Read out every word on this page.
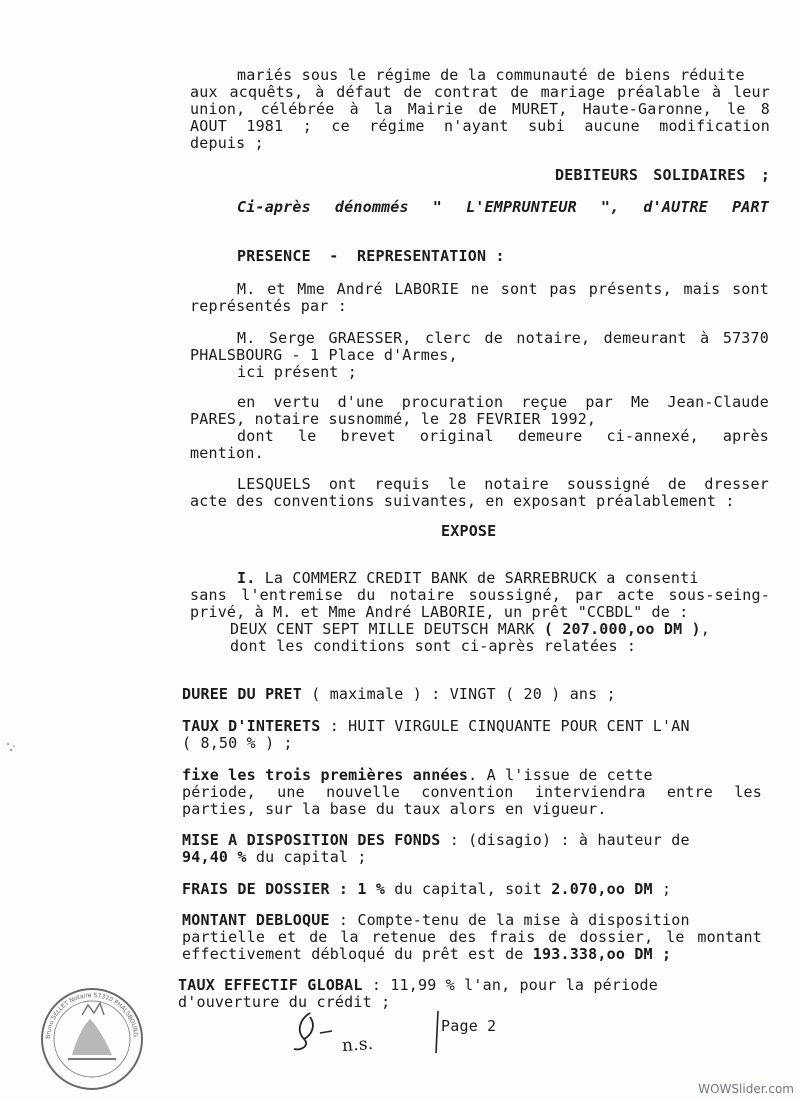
mariés sous le régime de la communauté de biens réduite
aux acquêts, à défaut de contrat de mariage préalable à leur
union, célébrée à la Mairie de MURET, Haute-Garonne, le 8
AOUT 1981 ; ce régime n'ayant subi aucune modification
depuis ;
DEBITEURS SOLIDAIRES ;
Ci-après dénommés " L'EMPRUNTEUR ", d'AUTRE PART
PRESENCE  -  REPRESENTATION :
M. et Mme André LABORIE ne sont pas présents, mais sont
représentés par :
M. Serge GRAESSER, clerc de notaire, demeurant à 57370
PHALSBOURG - 1 Place d'Armes,
ici présent ;
en vertu d'une procuration reçue par Me Jean-Claude
PARES, notaire susnommé, le 28 FEVRIER 1992,
dont le brevet original demeure ci-annexé, après
mention.
LESQUELS ont requis le notaire soussigné de dresser
acte des conventions suivantes, en exposant préalablement :
EXPOSE
I. La COMMERZ CREDIT BANK de SARREBRUCK a consenti
sans l'entremise du notaire soussigné, par acte sous-seing-
privé, à M. et Mme André LABORIE, un prêt "CCBDL" de :
DEUX CENT SEPT MILLE DEUTSCH MARK ( 207.000,oo DM ),
dont les conditions sont ci-après relatées :
DUREE DU PRET ( maximale ) : VINGT ( 20 ) ans ;
TAUX D'INTERETS : HUIT VIRGULE CINQUANTE POUR CENT L'AN
( 8,50 % ) ;
fixe les trois premières années. A l'issue de cette
période, une nouvelle convention interviendra entre les
parties, sur la base du taux alors en vigueur.
MISE A DISPOSITION DES FONDS : (disagio) : à hauteur de
94,40 % du capital ;
FRAIS DE DOSSIER : 1 % du capital, soit 2.070,oo DM ;
MONTANT DEBLOQUE : Compte-tenu de la mise à disposition
partielle et de la retenue des frais de dossier, le montant
effectivement débloqué du prêt est de 193.338,oo DM ;
TAUX EFFECTIF GLOBAL : 11,99 % l'an, pour la période
d'ouverture du crédit ;
Page 2
n.s.
Bruno SELLET Notaire 57370 PHALSBOURG
WOWSlider.com
